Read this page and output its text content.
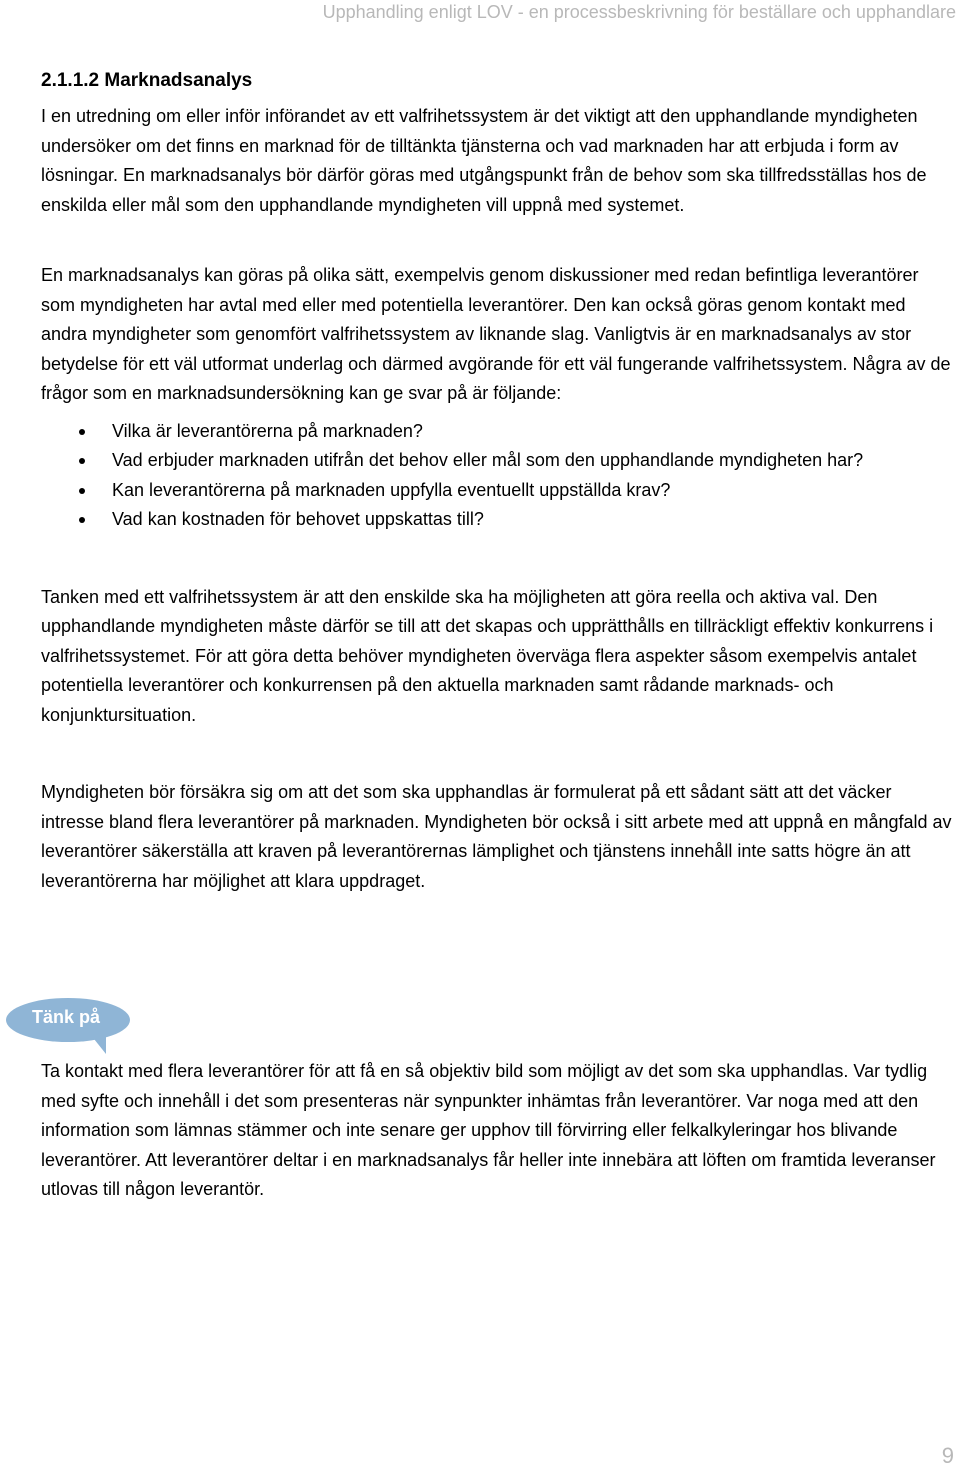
Upphandling enligt LOV - en processbeskrivning för beställare och upphandlare
2.1.1.2 Marknadsanalys

I en utredning om eller inför införandet av ett valfrihetssystem är det viktigt att den upphandlande myndigheten undersöker om det finns en marknad för de tilltänkta tjänsterna och vad marknaden har att erbjuda i form av lösningar. En marknadsanalys bör därför göras med utgångspunkt från de behov som ska tillfredsställas hos de enskilda eller mål som den upphandlande myndigheten vill uppnå med systemet.

En marknadsanalys kan göras på olika sätt, exempelvis genom diskussioner med redan befintliga leverantörer som myndigheten har avtal med eller med potentiella leverantörer. Den kan också göras genom kontakt med andra myndigheter som genomfört valfrihetssystem av liknande slag. Vanligtvis är en marknadsanalys av stor betydelse för ett väl utformat underlag och därmed avgörande för ett väl fungerande valfrihetssystem. Några av de frågor som en marknadsundersökning kan ge svar på är följande:

Vilka är leverantörerna på marknaden?
Vad erbjuder marknaden utifrån det behov eller mål som den upphandlande myndigheten har?
Kan leverantörerna på marknaden uppfylla eventuellt uppställda krav?
Vad kan kostnaden för behovet uppskattas till?

Tanken med ett valfrihetssystem är att den enskilde ska ha möjligheten att göra reella och aktiva val. Den upphandlande myndigheten måste därför se till att det skapas och upprätthålls en tillräckligt effektiv konkurrens i valfrihetssystemet. För att göra detta behöver myndigheten överväga flera aspekter såsom exempelvis antalet potentiella leverantörer och konkurrensen på den aktuella marknaden samt rådande marknads- och konjunktursituation.

Myndigheten bör försäkra sig om att det som ska upphandlas är formulerat på ett sådant sätt att det väcker intresse bland flera leverantörer på marknaden. Myndigheten bör också i sitt arbete med att uppnå en mångfald av leverantörer säkerställa att kraven på leverantörernas lämplighet och tjänstens innehåll inte satts högre än att leverantörerna har möjlighet att klara uppdraget.

Tänk på

Ta kontakt med flera leverantörer för att få en så objektiv bild som möjligt av det som ska upphandlas. Var tydlig med syfte och innehåll i det som presenteras när synpunkter inhämtas från leverantörer. Var noga med att den information som lämnas stämmer och inte senare ger upphov till förvirring eller felkalkyleringar hos blivande leverantörer. Att leverantörer deltar i en marknadsanalys får heller inte innebära att löften om framtida leveranser utlovas till någon leverantör.

9
